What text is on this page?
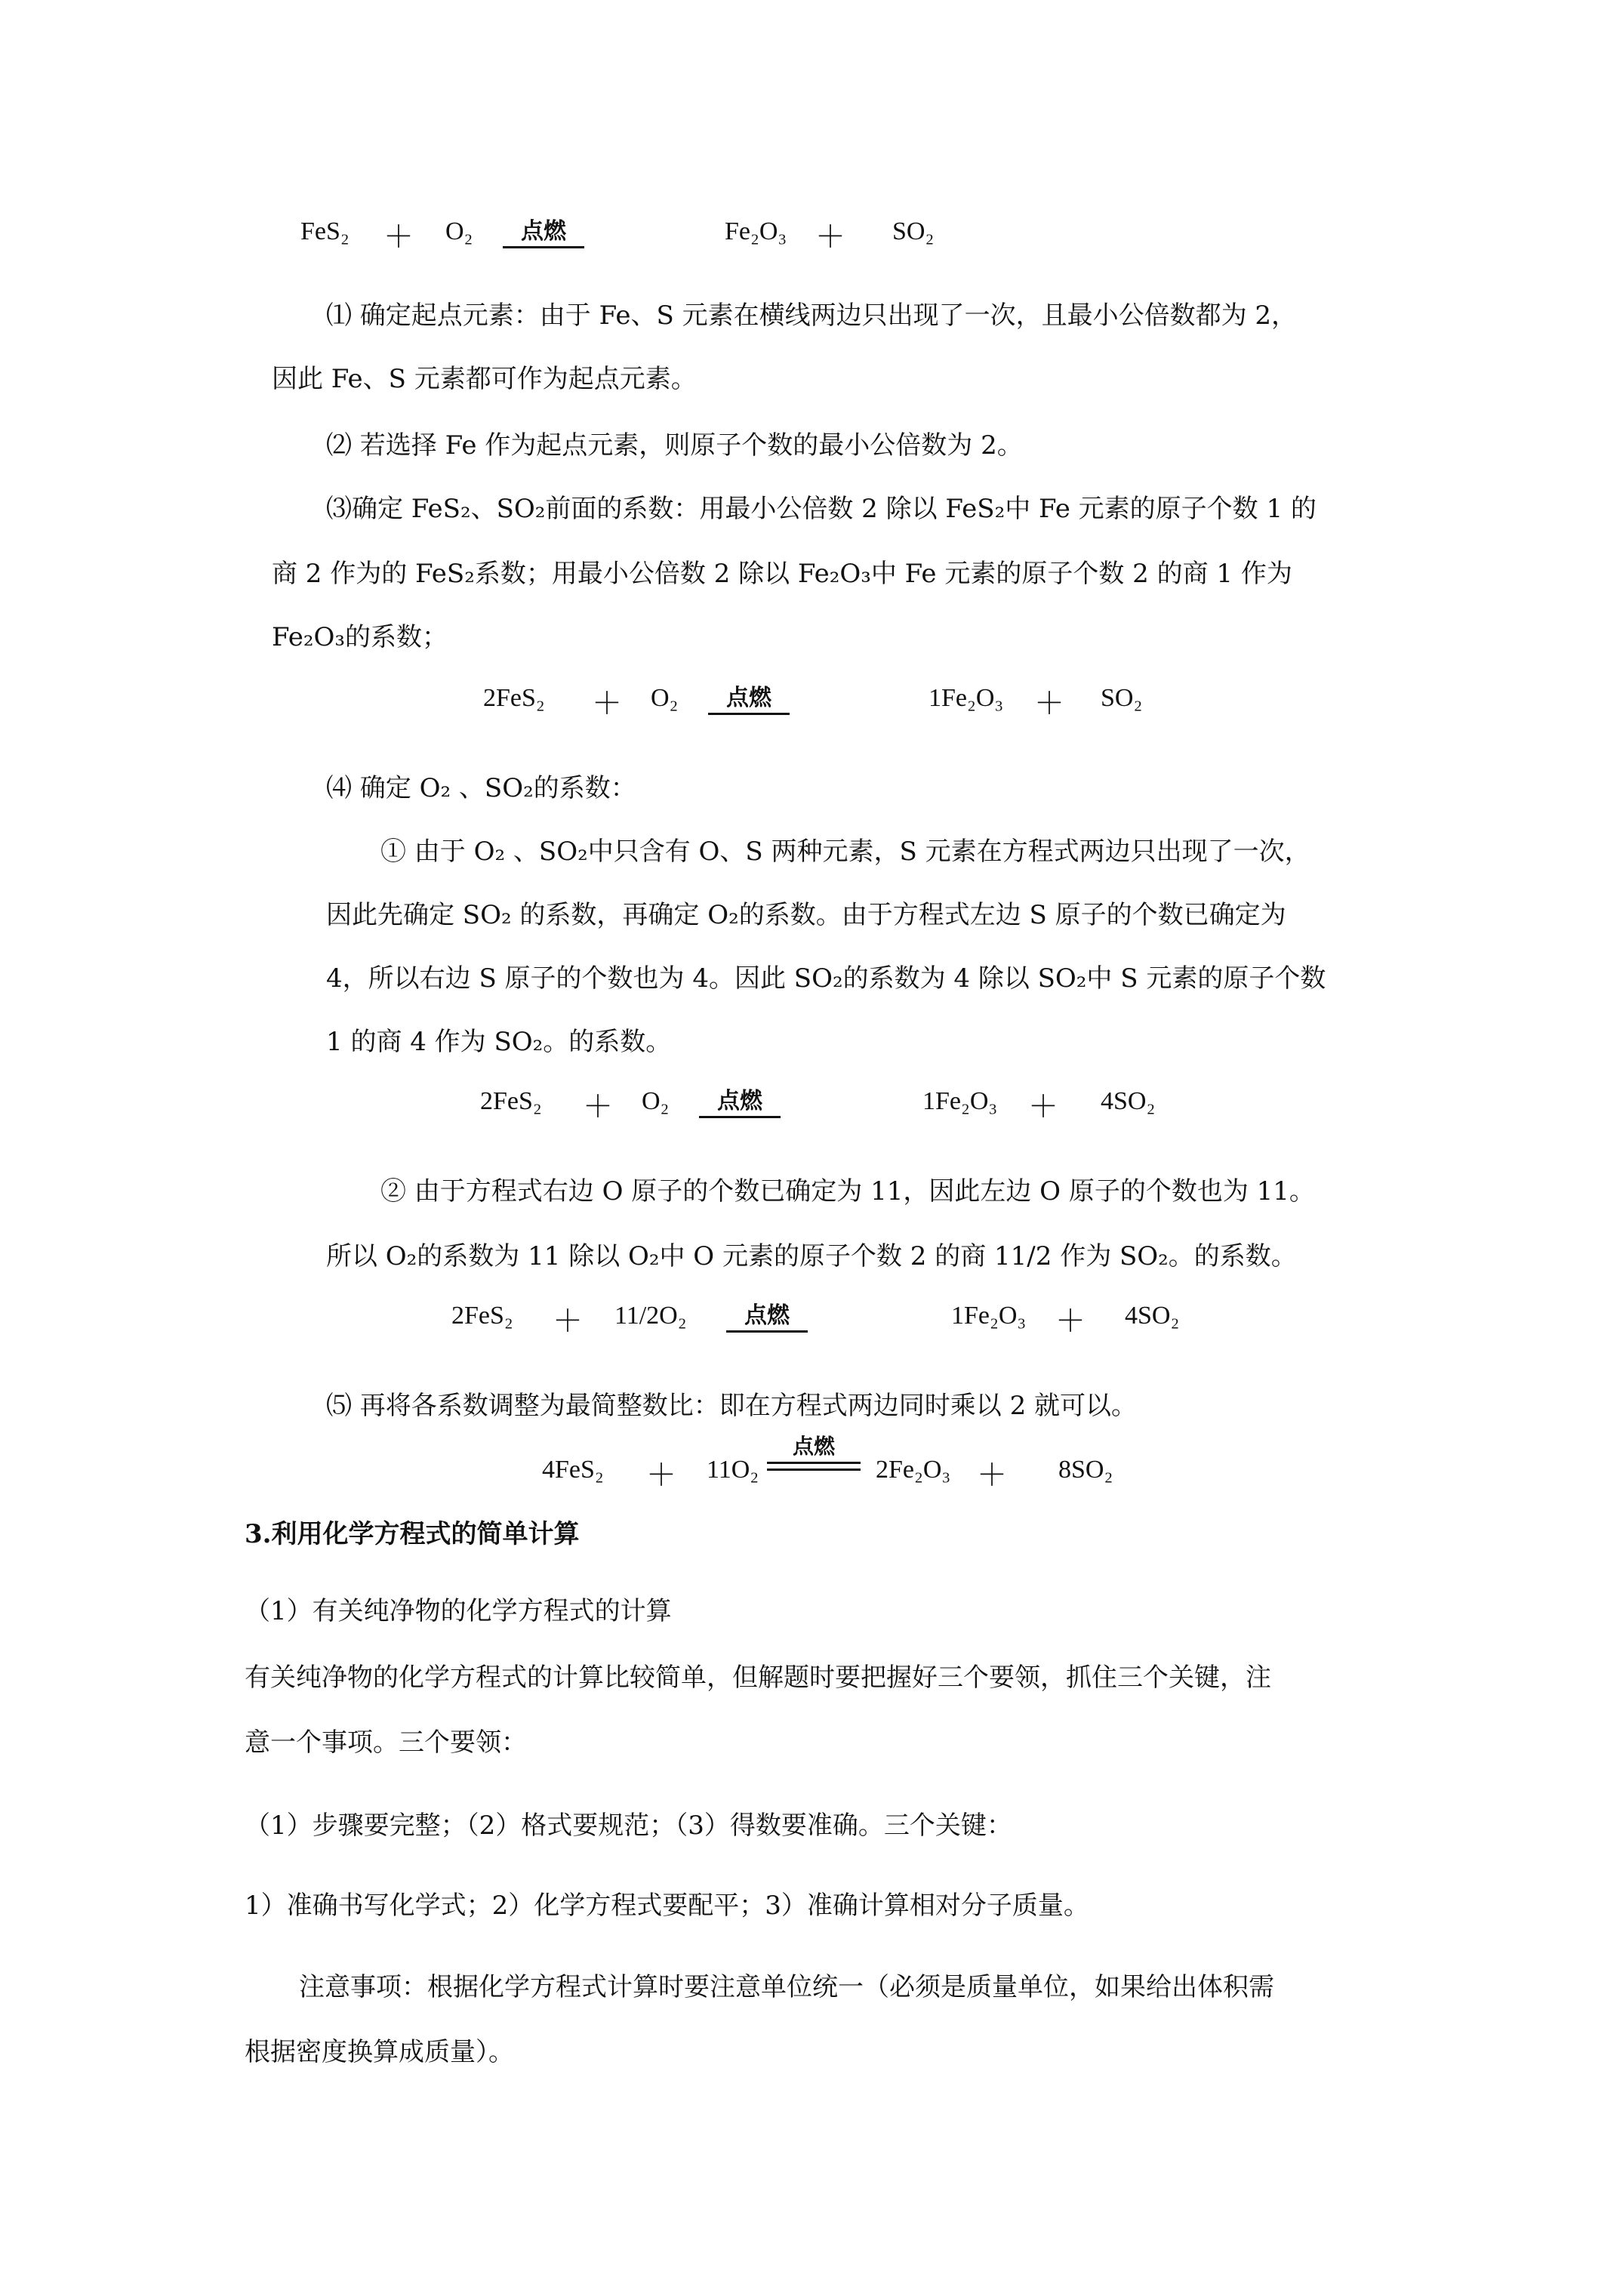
FeS₂ ＋ O₂	点燃	Fe₂O₃ ＋ SO₂
⑴ 确定起点元素：由于 Fe、S 元素在横线两边只出现了一次，且最小公倍数都为 2，
因此 Fe、S 元素都可作为起点元素。
⑵ 若选择 Fe 作为起点元素，则原子个数的最小公倍数为 2。
⑶确定 FeS₂、SO₂前面的系数：用最小公倍数 2 除以 FeS₂中 Fe 元素的原子个数 1 的
商 2 作为的 FeS₂系数；用最小公倍数 2 除以 Fe₂O₃中 Fe 元素的原子个数 2 的商 1 作为
Fe₂O₃的系数；
2FeS₂ ＋ O₂	点燃	1Fe₂O₃ ＋ SO₂
⑷ 确定 O₂ 、SO₂的系数：
① 由于 O₂ 、SO₂中只含有 O、S 两种元素，S 元素在方程式两边只出现了一次，
因此先确定 SO₂ 的系数，再确定 O₂的系数。由于方程式左边 S 原子的个数已确定为
4，所以右边 S 原子的个数也为 4。因此 SO₂的系数为 4 除以 SO₂中 S 元素的原子个数
1 的商 4 作为 SO₂。的系数。
2FeS₂ ＋ O₂	点燃	1Fe₂O₃ ＋ 4SO₂
② 由于方程式右边 O 原子的个数已确定为 11，因此左边 O 原子的个数也为 11。
所以 O₂的系数为 11 除以 O₂中 O 元素的原子个数 2 的商 11/2 作为 SO₂。的系数。
2FeS₂ ＋ 11/2O₂	点燃	1Fe₂O₃ ＋ 4SO₂
⑸ 再将各系数调整为最简整数比：即在方程式两边同时乘以 2 就可以。
4FeS₂ ＋ 11O₂
点燃
2Fe₂O₃ ＋ 8SO₂
3.利用化学方程式的简单计算
（1）有关纯净物的化学方程式的计算
有关纯净物的化学方程式的计算比较简单，但解题时要把握好三个要领，抓住三个关键，注
意一个事项。三个要领：
（1）步骤要完整；（2）格式要规范；（3）得数要准确。三个关键：
1）准确书写化学式；2）化学方程式要配平；3）准确计算相对分子质量。
注意事项：根据化学方程式计算时要注意单位统一（必须是质量单位，如果给出体积需
根据密度换算成质量）。
